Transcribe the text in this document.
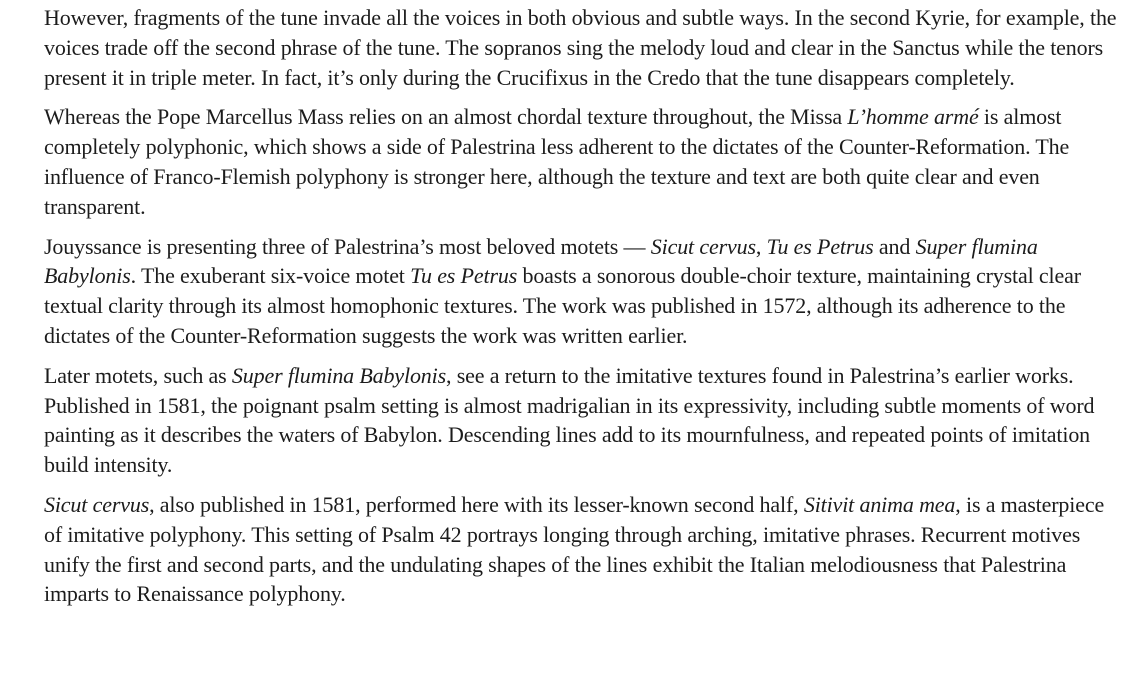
However, fragments of the tune invade all the voices in both obvious and subtle ways. In the second Kyrie, for example, the voices trade off the second phrase of the tune. The sopranos sing the melody loud and clear in the Sanctus while the tenors present it in triple meter. In fact, it’s only during the Crucifixus in the Credo that the tune disappears completely.

Whereas the Pope Marcellus Mass relies on an almost chordal texture throughout, the Missa L’homme armé is almost completely polyphonic, which shows a side of Palestrina less adherent to the dictates of the Counter-Reformation. The influence of Franco-Flemish polyphony is stronger here, although the texture and text are both quite clear and even transparent.

Jouyssance is presenting three of Palestrina’s most beloved motets — Sicut cervus, Tu es Petrus and Super flumina Babylonis. The exuberant six-voice motet Tu es Petrus boasts a sonorous double-choir texture, maintaining crystal clear textual clarity through its almost homophonic textures. The work was published in 1572, although its adherence to the dictates of the Counter-Reformation suggests the work was written earlier.

Later motets, such as Super flumina Babylonis, see a return to the imitative textures found in Palestrina’s earlier works. Published in 1581, the poignant psalm setting is almost madrigalian in its expressivity, including subtle moments of word painting as it describes the waters of Babylon. Descending lines add to its mournfulness, and repeated points of imitation build intensity.

Sicut cervus, also published in 1581, performed here with its lesser-known second half, Sitivit anima mea, is a masterpiece of imitative polyphony. This setting of Psalm 42 portrays longing through arching, imitative phrases. Recurrent motives unify the first and second parts, and the undulating shapes of the lines exhibit the Italian melodiousness that Palestrina imparts to Renaissance polyphony.
